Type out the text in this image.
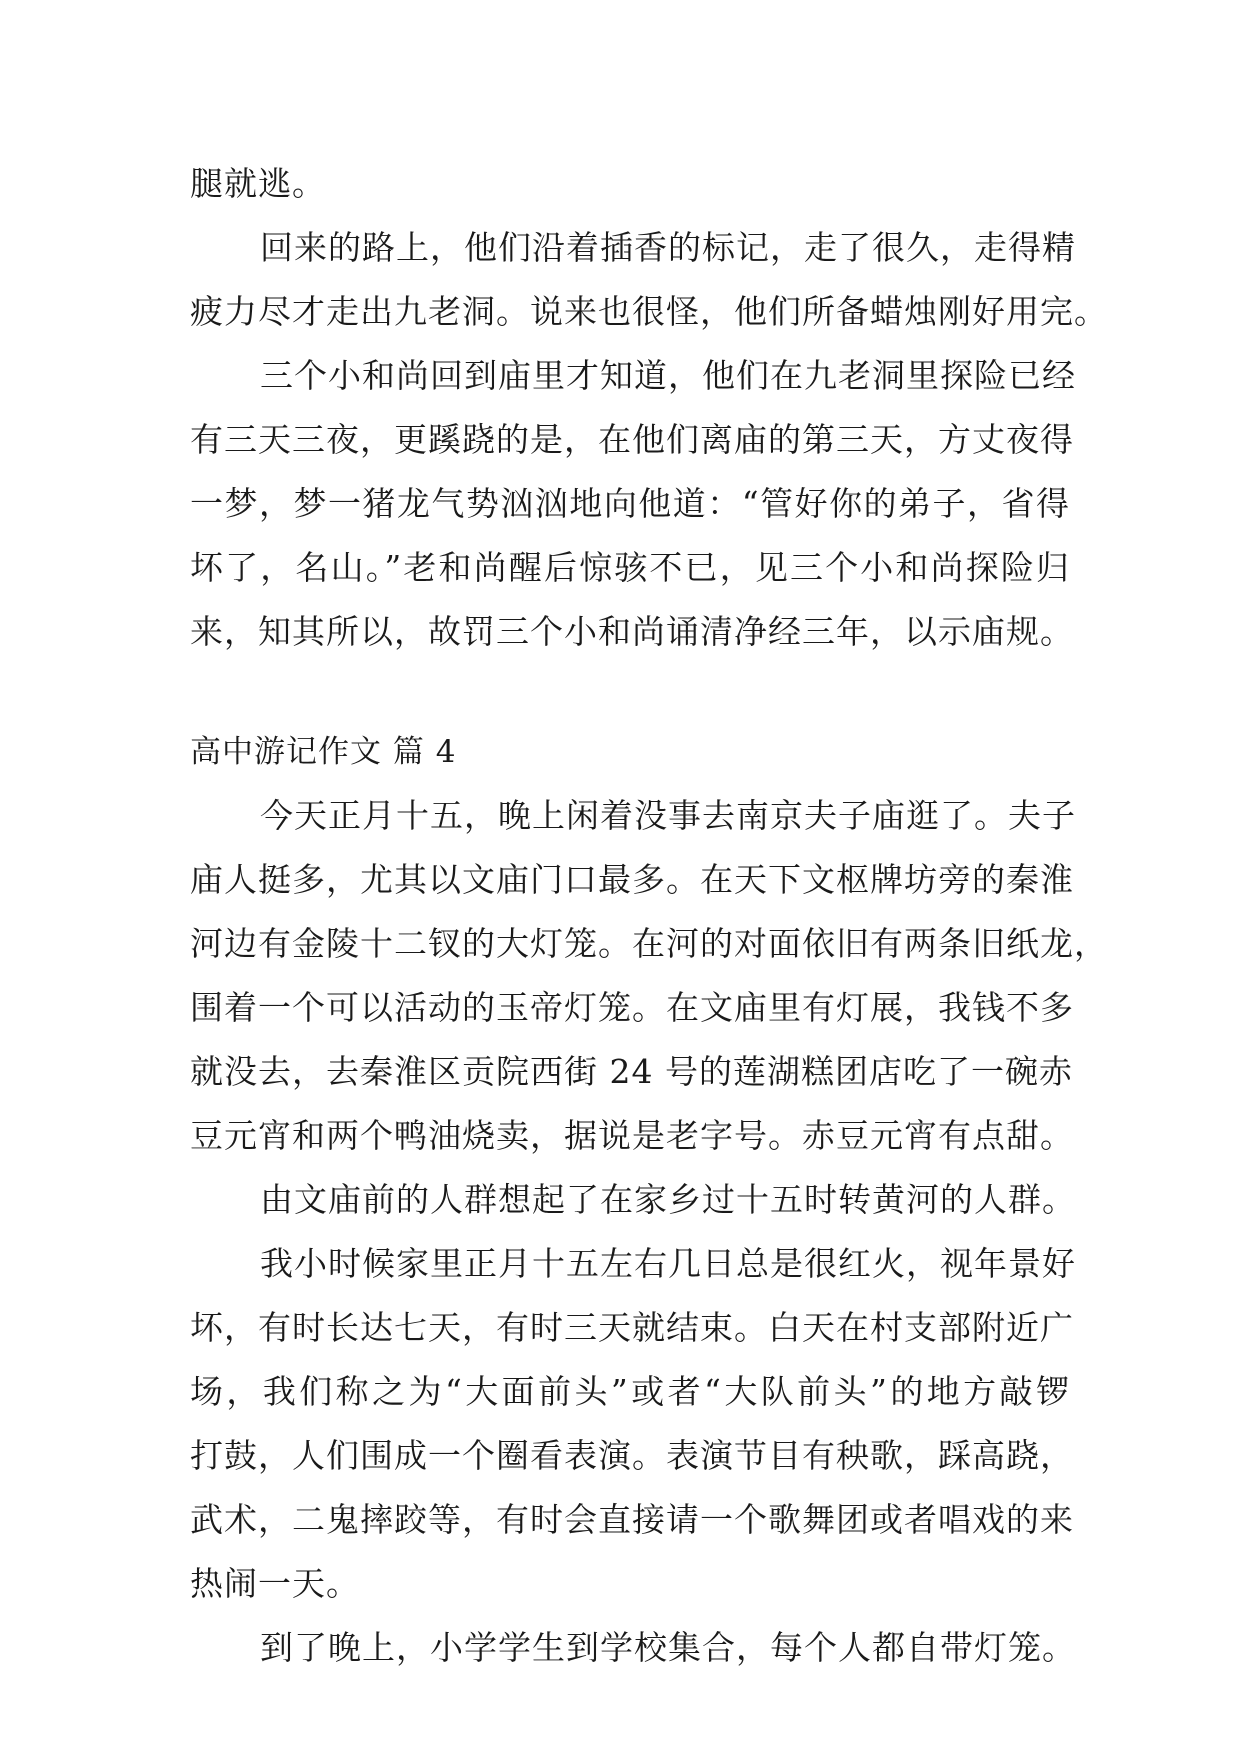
腿就逃。
回来的路上，他们沿着插香的标记，走了很久，走得精
疲力尽才走出九老洞。说来也很怪，他们所备蜡烛刚好用完。
三个小和尚回到庙里才知道，他们在九老洞里探险已经
有三天三夜，更蹊跷的是，在他们离庙的第三天，方丈夜得
一梦，梦一猪龙气势汹汹地向他道：“管好你的弟子，省得
坏了，名山。”老和尚醒后惊骇不已，见三个小和尚探险归
来，知其所以，故罚三个小和尚诵清净经三年，以示庙规。
高中游记作文 篇 4
今天正月十五，晚上闲着没事去南京夫子庙逛了。夫子
庙人挺多，尤其以文庙门口最多。在天下文枢牌坊旁的秦淮
河边有金陵十二钗的大灯笼。在河的对面依旧有两条旧纸龙，
围着一个可以活动的玉帝灯笼。在文庙里有灯展，我钱不多
就没去，去秦淮区贡院西街 24 号的莲湖糕团店吃了一碗赤
豆元宵和两个鸭油烧卖，据说是老字号。赤豆元宵有点甜。
由文庙前的人群想起了在家乡过十五时转黄河的人群。
我小时候家里正月十五左右几日总是很红火，视年景好
坏，有时长达七天，有时三天就结束。白天在村支部附近广
场，我们称之为“大面前头”或者“大队前头”的地方敲锣
打鼓，人们围成一个圈看表演。表演节目有秧歌，踩高跷，
武术，二鬼摔跤等，有时会直接请一个歌舞团或者唱戏的来
热闹一天。
到了晚上，小学学生到学校集合，每个人都自带灯笼。
